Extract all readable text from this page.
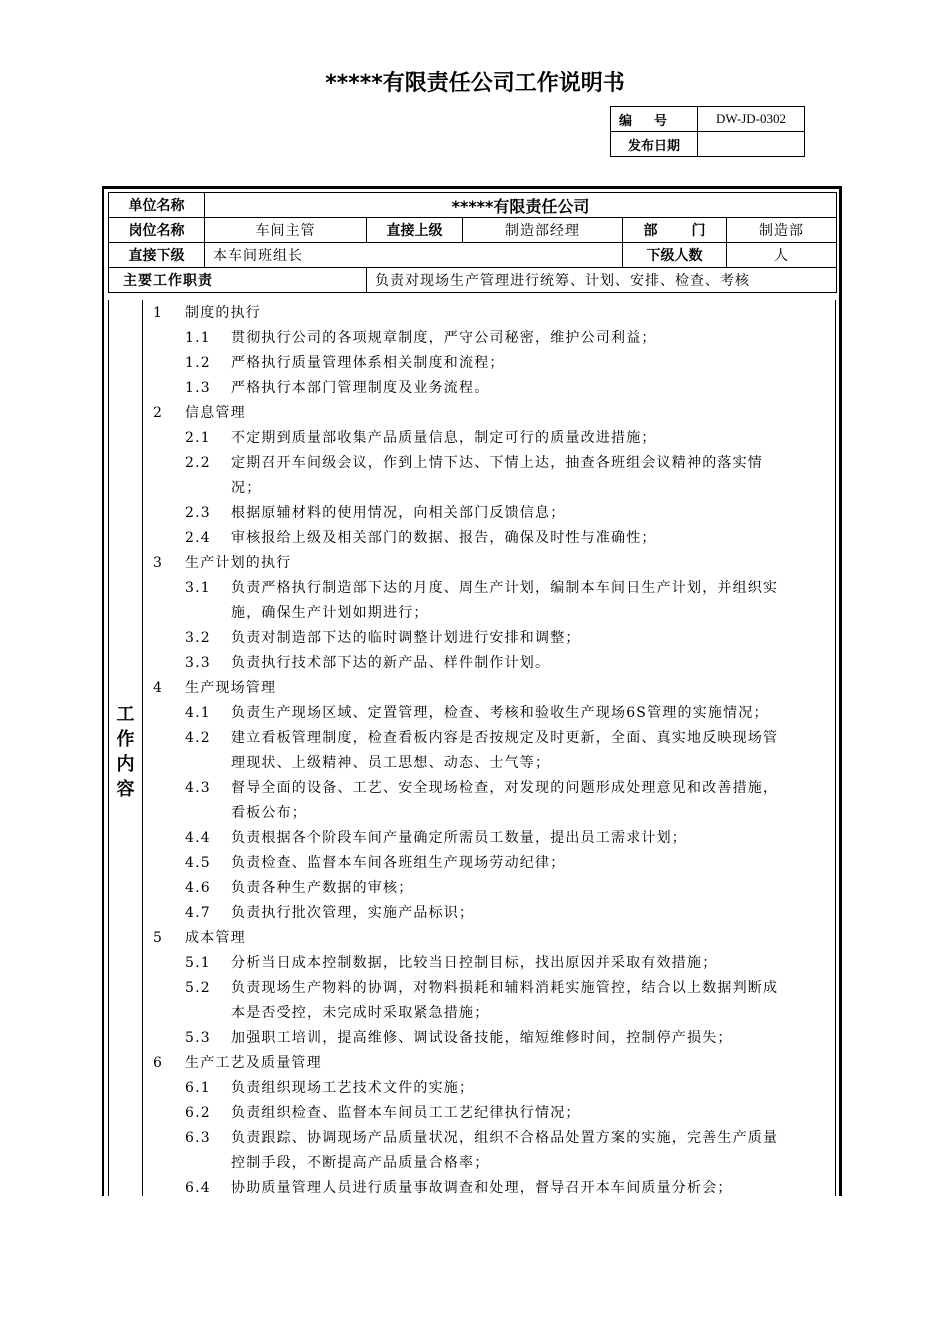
*****有限责任公司工作说明书
编号	DW-JD-0302
发布日期	
单位名称	*****有限责任公司				
岗位名称	车间主管	直接上级	制造部经理	部门	制造部
直接下级	本车间班组长			下级人数	人
主要工作职责		负责对现场生产管理进行统筹、计划、安排、检查、考核			
工
作
内
容
1	制度的执行
1.1	贯彻执行公司的各项规章制度，严守公司秘密，维护公司利益；
1.2	严格执行质量管理体系相关制度和流程；
1.3	严格执行本部门管理制度及业务流程。
2	信息管理
2.1	不定期到质量部收集产品质量信息，制定可行的质量改进措施；
2.2	定期召开车间级会议，作到上情下达、下情上达，抽查各班组会议精神的落实情
况；
2.3	根据原辅材料的使用情况，向相关部门反馈信息；
2.4	审核报给上级及相关部门的数据、报告，确保及时性与准确性；
3	生产计划的执行
3.1	负责严格执行制造部下达的月度、周生产计划，编制本车间日生产计划，并组织实
施，确保生产计划如期进行；
3.2	负责对制造部下达的临时调整计划进行安排和调整；
3.3	负责执行技术部下达的新产品、样件制作计划。
4	生产现场管理
4.1	负责生产现场区域、定置管理，检查、考核和验收生产现场6S管理的实施情况；
4.2	建立看板管理制度，检查看板内容是否按规定及时更新，全面、真实地反映现场管
理现状、上级精神、员工思想、动态、士气等；
4.3	督导全面的设备、工艺、安全现场检查，对发现的问题形成处理意见和改善措施，
看板公布；
4.4	负责根据各个阶段车间产量确定所需员工数量，提出员工需求计划；
4.5	负责检查、监督本车间各班组生产现场劳动纪律；
4.6	负责各种生产数据的审核；
4.7	负责执行批次管理，实施产品标识；
5	成本管理
5.1	分析当日成本控制数据，比较当日控制目标，找出原因并采取有效措施；
5.2	负责现场生产物料的协调，对物料损耗和辅料消耗实施管控，结合以上数据判断成
本是否受控，未完成时采取紧急措施；
5.3	加强职工培训，提高维修、调试设备技能，缩短维修时间，控制停产损失；
6	生产工艺及质量管理
6.1	负责组织现场工艺技术文件的实施；
6.2	负责组织检查、监督本车间员工工艺纪律执行情况；
6.3	负责跟踪、协调现场产品质量状况，组织不合格品处置方案的实施，完善生产质量
控制手段，不断提高产品质量合格率；
6.4	协助质量管理人员进行质量事故调查和处理，督导召开本车间质量分析会；
